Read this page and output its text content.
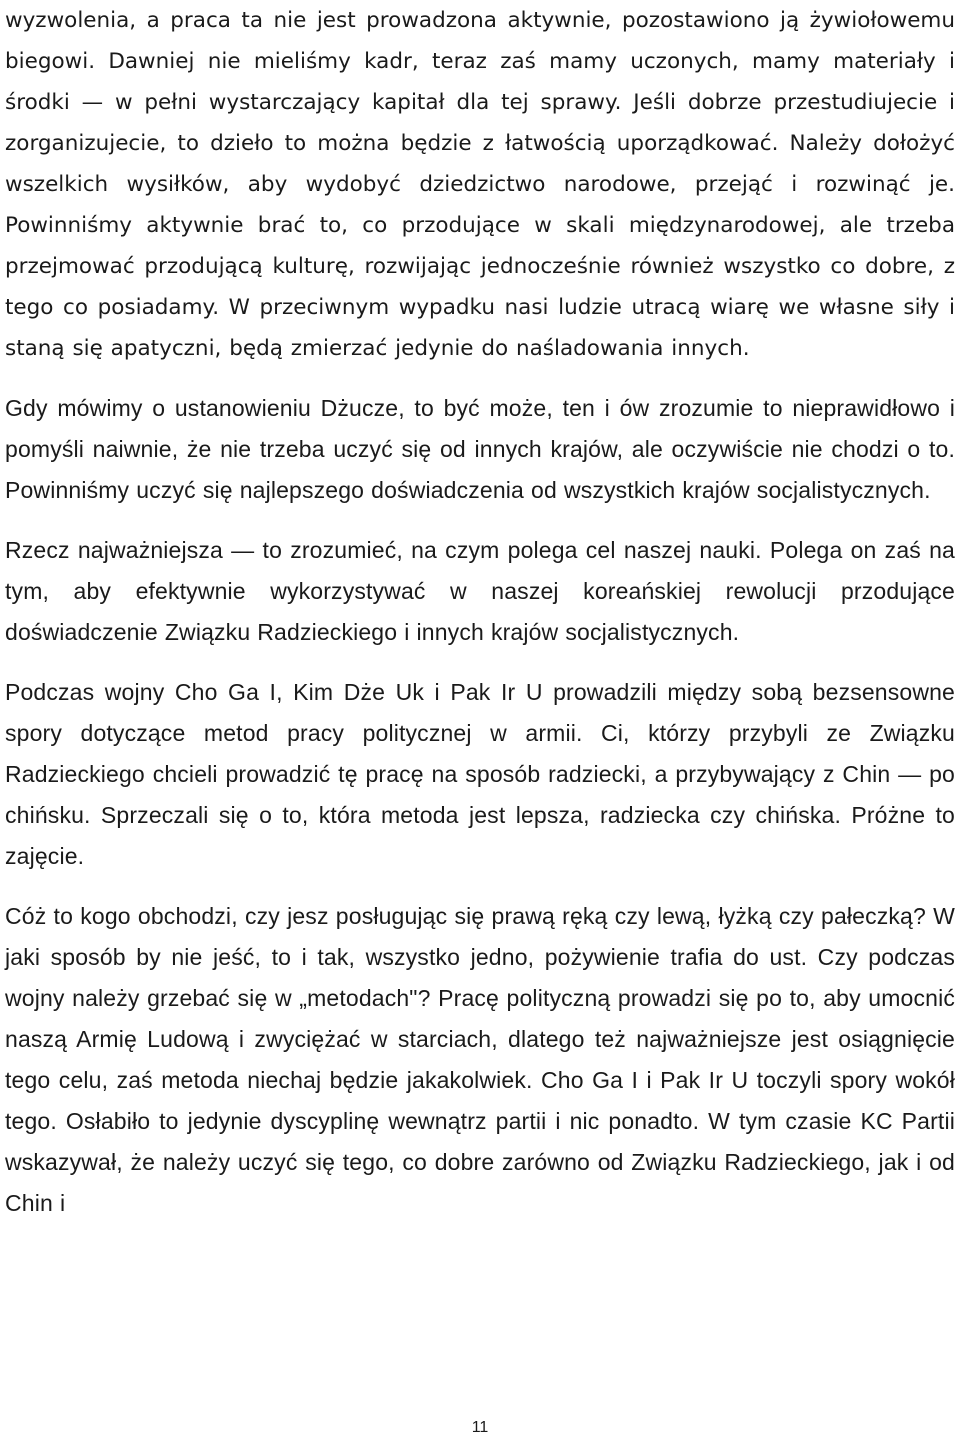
wyzwolenia, a praca ta nie jest prowadzona aktywnie, pozostawiono ją żywiołowemu biegowi. Dawniej nie mieliśmy kadr, teraz zaś mamy uczonych, mamy materiały i środki — w pełni wystarczający kapitał dla tej sprawy. Jeśli dobrze przestudiujecie i zorganizujecie, to dzieło to można będzie z łatwością uporządkować. Należy dołożyć wszelkich wysiłków, aby wydobyć dziedzictwo narodowe, przejąć i rozwinąć je. Powinniśmy aktywnie brać to, co przodujące w skali międzynarodowej, ale trzeba przejmować przodującą kulturę, rozwijając jednocześnie również wszystko co dobre, z tego co posiadamy. W przeciwnym wypadku nasi ludzie utracą wiarę we własne siły i staną się apatyczni, będą zmierzać jedynie do naśladowania innych.

Gdy mówimy o ustanowieniu Dżucze, to być może, ten i ów zrozumie to nieprawidłowo i pomyśli naiwnie, że nie trzeba uczyć się od innych krajów, ale oczywiście nie chodzi o to. Powinniśmy uczyć się najlepszego doświadczenia od wszystkich krajów socjalistycznych.

Rzecz najważniejsza — to zrozumieć, na czym polega cel naszej nauki. Polega on zaś na tym, aby efektywnie wykorzystywać w naszej koreańskiej rewolucji przodujące doświadczenie Związku Radzieckiego i innych krajów socjalistycznych.

Podczas wojny Cho Ga I, Kim Dże Uk i Pak Ir U prowadzili między sobą bezsensowne spory dotyczące metod pracy politycznej w armii. Ci, którzy przybyli ze Związku Radzieckiego chcieli prowadzić tę pracę na sposób radziecki, a przybywający z Chin — po chińsku. Sprzeczali się o to, która metoda jest lepsza, radziecka czy chińska. Próżne to zajęcie.

Cóż to kogo obchodzi, czy jesz posługując się prawą ręką czy lewą, łyżką czy pałeczką? W jaki sposób by nie jeść, to i tak, wszystko jedno, pożywienie trafia do ust. Czy podczas wojny należy grzebać się w „metodach"? Pracę polityczną prowadzi się po to, aby umocnić naszą Armię Ludową i zwyciężać w starciach, dlatego też najważniejsze jest osiągnięcie tego celu, zaś metoda niechaj będzie jakakolwiek. Cho Ga I i Pak Ir U toczyli spory wokół tego. Osłabiło to jedynie dyscyplinę wewnątrz partii i nic ponadto. W tym czasie KC Partii wskazywał, że należy uczyć się tego, co dobre zarówno od Związku Radzieckiego, jak i od Chin i

11
